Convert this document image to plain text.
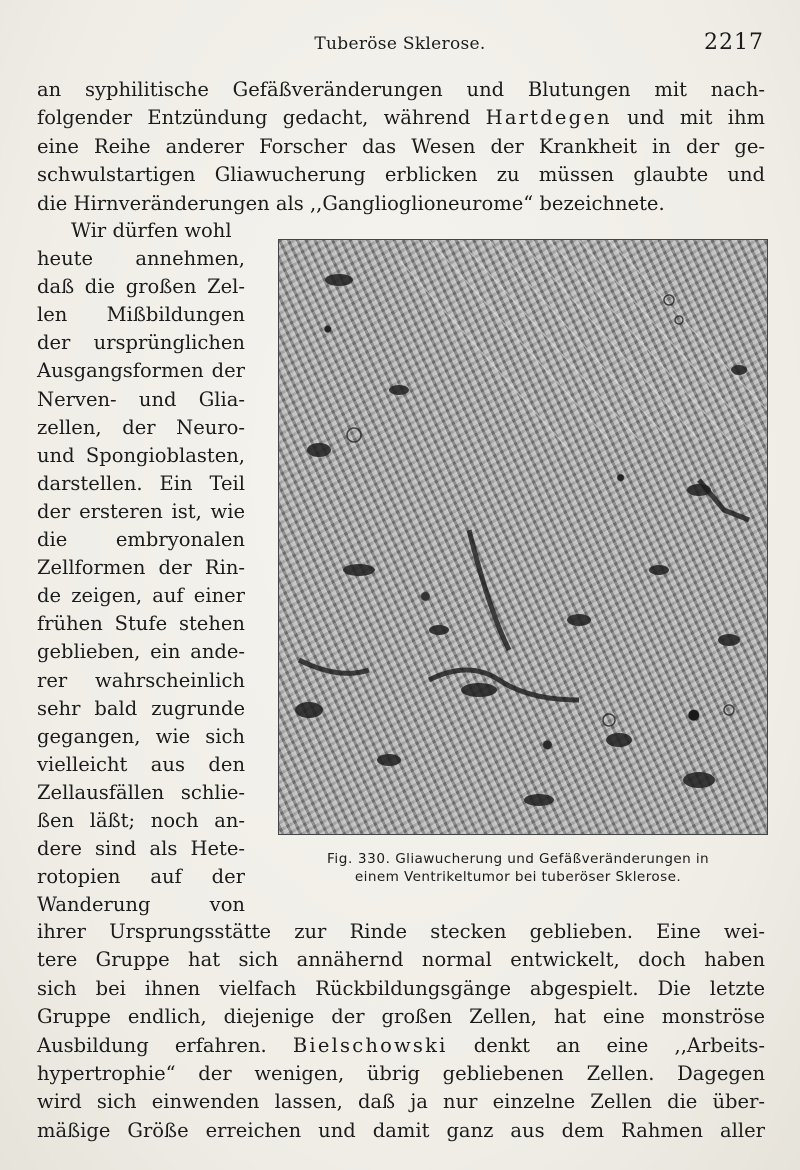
Tuberöse Sklerose.	2217
an syphilitische Gefäßveränderungen und Blutungen mit nach-
folgender Entzündung gedacht, während Hartdegen und mit ihm
eine Reihe anderer Forscher das Wesen der Krankheit in der ge-
schwulstartigen Gliawucherung erblicken zu müssen glaubte und
die Hirnveränderungen als ,,Ganglioglioneurome“ bezeichnete.
Wir dürfen wohl
heute annehmen,
daß die großen Zel-
len Mißbildungen
der ursprünglichen
Ausgangsformen der
Nerven- und Glia-
zellen, der Neuro-
und Spongioblasten,
darstellen. Ein Teil
der ersteren ist, wie
die embryonalen
Zellformen der Rin-
de zeigen, auf einer
frühen Stufe stehen
geblieben, ein ande-
rer wahrscheinlich
sehr bald zugrunde
gegangen, wie sich
vielleicht aus den
Zellausfällen schlie-
ßen läßt; noch an-
dere sind als Hete-
rotopien auf der
Wanderung von
Fig. 330. Gliawucherung und Gefäßveränderungen in
einem Ventrikeltumor bei tuberöser Sklerose.
ihrer Ursprungsstätte zur Rinde stecken geblieben. Eine wei-
tere Gruppe hat sich annähernd normal entwickelt, doch haben
sich bei ihnen vielfach Rückbildungsgänge abgespielt. Die letzte
Gruppe endlich, diejenige der großen Zellen, hat eine monströse
Ausbildung erfahren. Bielschowski denkt an eine ,,Arbeits-
hypertrophie“ der wenigen, übrig gebliebenen Zellen. Dagegen
wird sich einwenden lassen, daß ja nur einzelne Zellen die über-
mäßige Größe erreichen und damit ganz aus dem Rahmen aller
